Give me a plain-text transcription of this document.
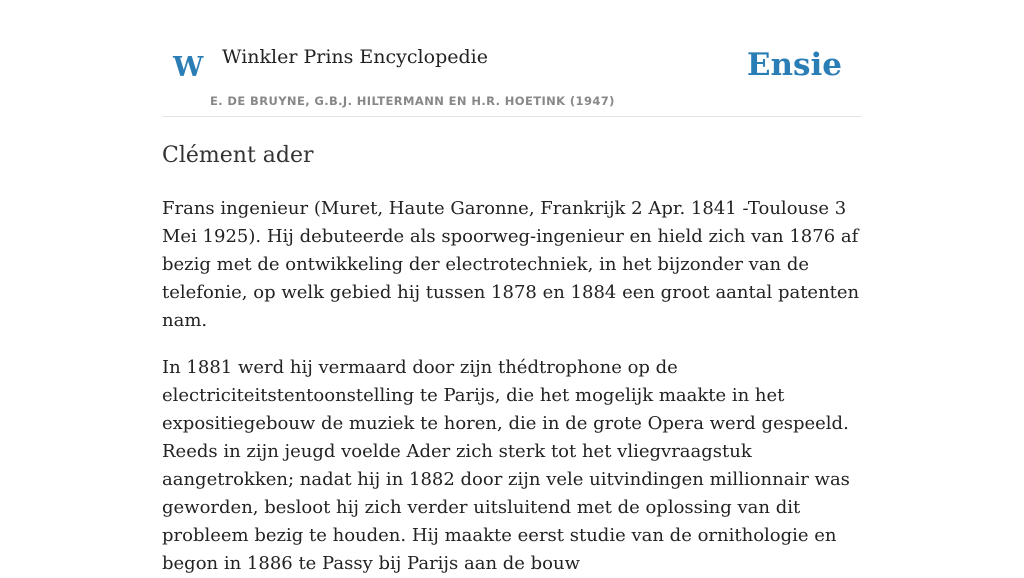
W Winkler Prins Encyclopedie
E. DE BRUYNE, G.B.J. HILTERMANN EN H.R. HOETINK (1947)
Ensie
Clément ader

Frans ingenieur (Muret, Haute Garonne, Frankrijk 2 Apr. 1841 -Toulouse 3 Mei 1925). Hij debuteerde als spoorweg-ingenieur en hield zich van 1876 af bezig met de ontwikkeling der electrotechniek, in het bijzonder van de telefonie, op welk gebied hij tussen 1878 en 1884 een groot aantal patenten nam.

In 1881 werd hij vermaard door zijn thédtrophone op de electriciteitstentoonstelling te Parijs, die het mogelijk maakte in het expositiegebouw de muziek te horen, die in de grote Opera werd gespeeld. Reeds in zijn jeugd voelde Ader zich sterk tot het vliegvraagstuk aangetrokken; nadat hij in 1882 door zijn vele uitvindingen millionnair was geworden, besloot hij zich verder uitsluitend met de oplossing van dit probleem bezig te houden. Hij maakte eerst studie van de ornithologie en begon in 1886 te Passy bij Parijs aan de bouw
